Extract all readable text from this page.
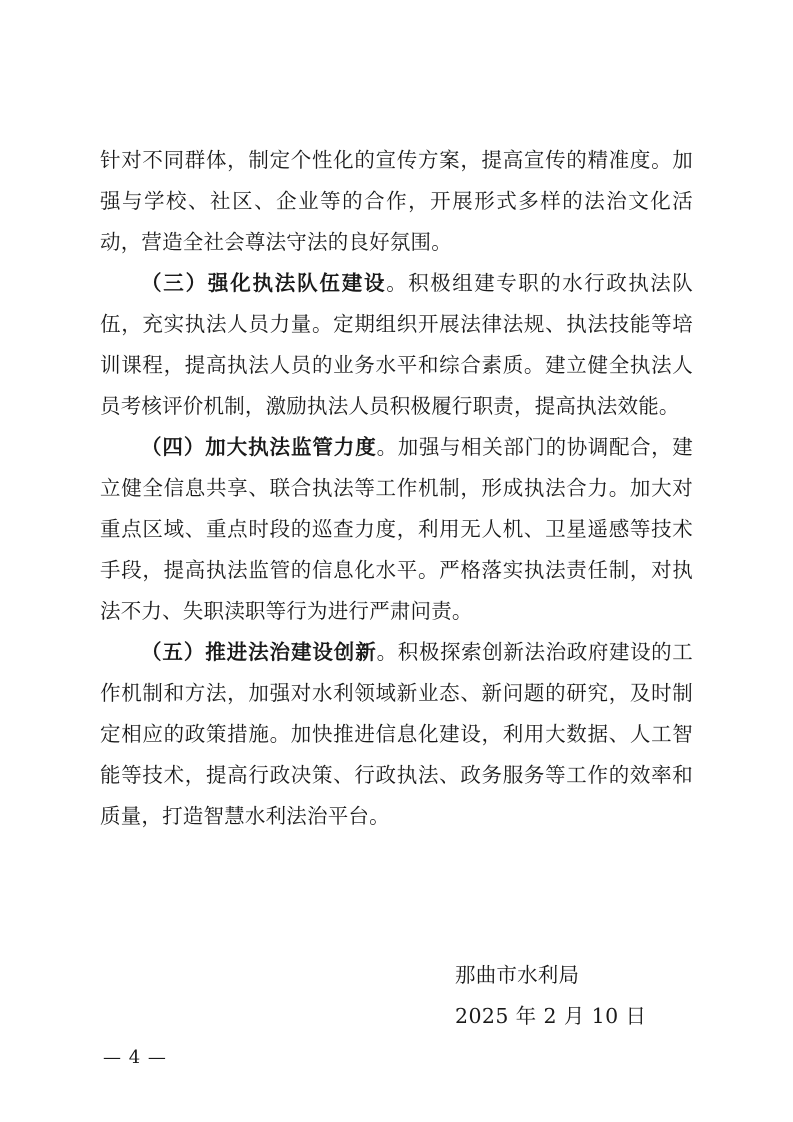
针对不同群体，制定个性化的宣传方案，提高宣传的精准度。加强与学校、社区、企业等的合作，开展形式多样的法治文化活动，营造全社会尊法守法的良好氛围。

（三）强化执法队伍建设。积极组建专职的水行政执法队伍，充实执法人员力量。定期组织开展法律法规、执法技能等培训课程，提高执法人员的业务水平和综合素质。建立健全执法人员考核评价机制，激励执法人员积极履行职责，提高执法效能。

（四）加大执法监管力度。加强与相关部门的协调配合，建立健全信息共享、联合执法等工作机制，形成执法合力。加大对重点区域、重点时段的巡查力度，利用无人机、卫星遥感等技术手段，提高执法监管的信息化水平。严格落实执法责任制，对执法不力、失职渎职等行为进行严肃问责。

（五）推进法治建设创新。积极探索创新法治政府建设的工作机制和方法，加强对水利领域新业态、新问题的研究，及时制定相应的政策措施。加快推进信息化建设，利用大数据、人工智能等技术，提高行政决策、行政执法、政务服务等工作的效率和质量，打造智慧水利法治平台。

那曲市水利局
2025 年 2 月 10 日
— 4 —
